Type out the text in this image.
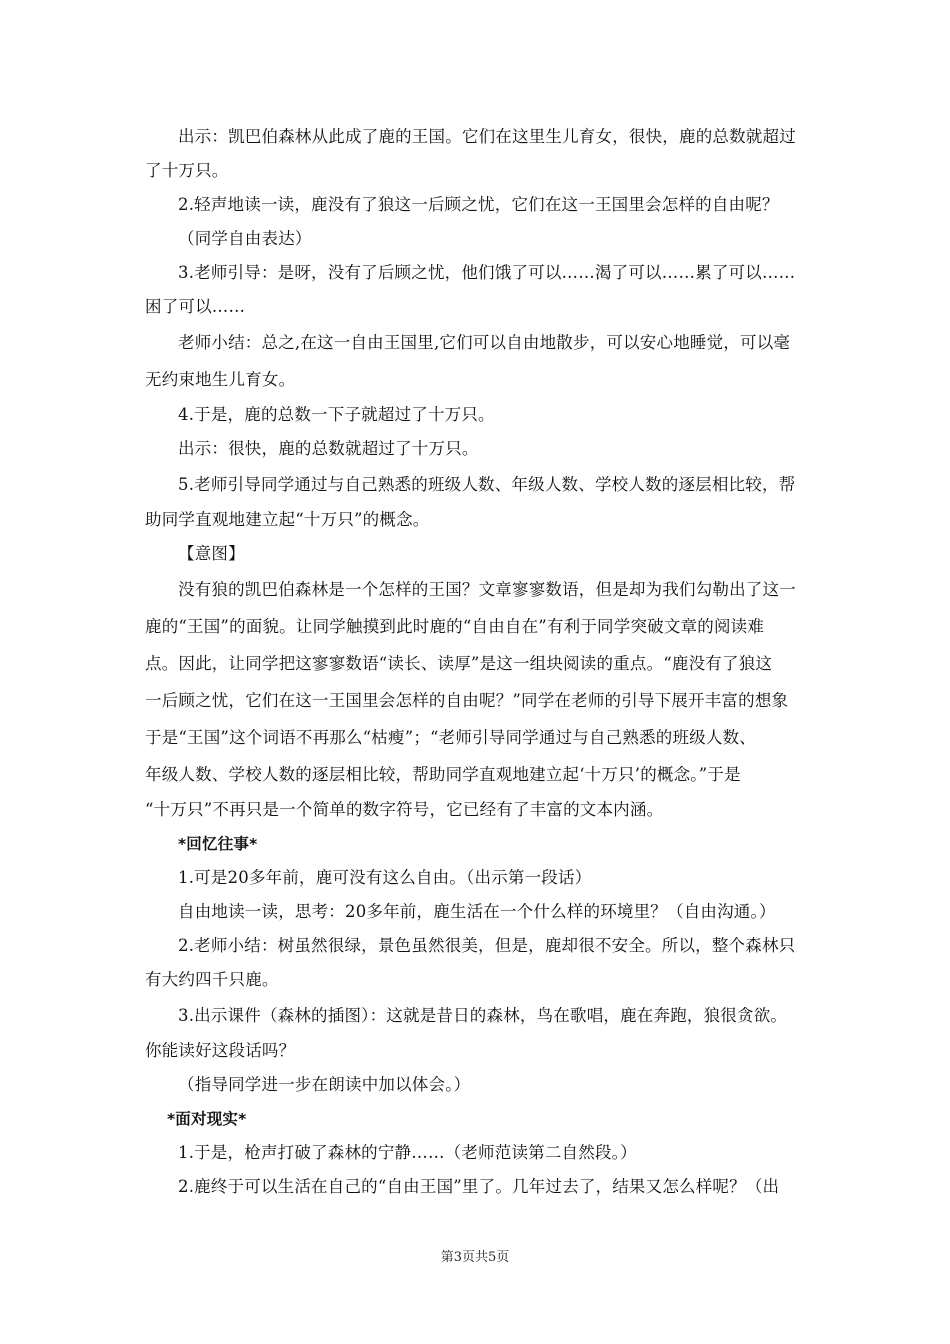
出示：凯巴伯森林从此成了鹿的王国。它们在这里生儿育女，很快，鹿的总数就超过
了十万只。
2.轻声地读一读，鹿没有了狼这一后顾之忧，它们在这一王国里会怎样的自由呢？
（同学自由表达）
3.老师引导：是呀，没有了后顾之忧，他们饿了可以……渴了可以……累了可以……
困了可以……
老师小结：总之,在这一自由王国里,它们可以自由地散步，可以安心地睡觉，可以毫
无约束地生儿育女。
4.于是，鹿的总数一下子就超过了十万只。
出示：很快，鹿的总数就超过了十万只。
5.老师引导同学通过与自己熟悉的班级人数、年级人数、学校人数的逐层相比较，帮
助同学直观地建立起“十万只”的概念。
【意图】
没有狼的凯巴伯森林是一个怎样的王国？文章寥寥数语，但是却为我们勾勒出了这一
鹿的“王国”的面貌。让同学触摸到此时鹿的“自由自在”有利于同学突破文章的阅读难
点。因此，让同学把这寥寥数语“读长、读厚”是这一组块阅读的重点。“鹿没有了狼这
一后顾之忧，它们在这一王国里会怎样的自由呢？”同学在老师的引导下展开丰富的想象
于是“王国”这个词语不再那么“枯瘦”；“老师引导同学通过与自己熟悉的班级人数、
年级人数、学校人数的逐层相比较，帮助同学直观地建立起‘十万只’的概念。”于是
“十万只”不再只是一个简单的数字符号，它已经有了丰富的文本内涵。
*回忆往事*
1.可是20多年前，鹿可没有这么自由。（出示第一段话）
自由地读一读，思考：20多年前，鹿生活在一个什么样的环境里？（自由沟通。）
2.老师小结：树虽然很绿，景色虽然很美，但是，鹿却很不安全。所以，整个森林只
有大约四千只鹿。
3.出示课件（森林的插图）：这就是昔日的森林，鸟在歌唱，鹿在奔跑，狼很贪欲。
你能读好这段话吗？
（指导同学进一步在朗读中加以体会。）
*面对现实*
1.于是，枪声打破了森林的宁静……（老师范读第二自然段。）
2.鹿终于可以生活在自己的“自由王国”里了。几年过去了，结果又怎么样呢？（出
第3页共5页
